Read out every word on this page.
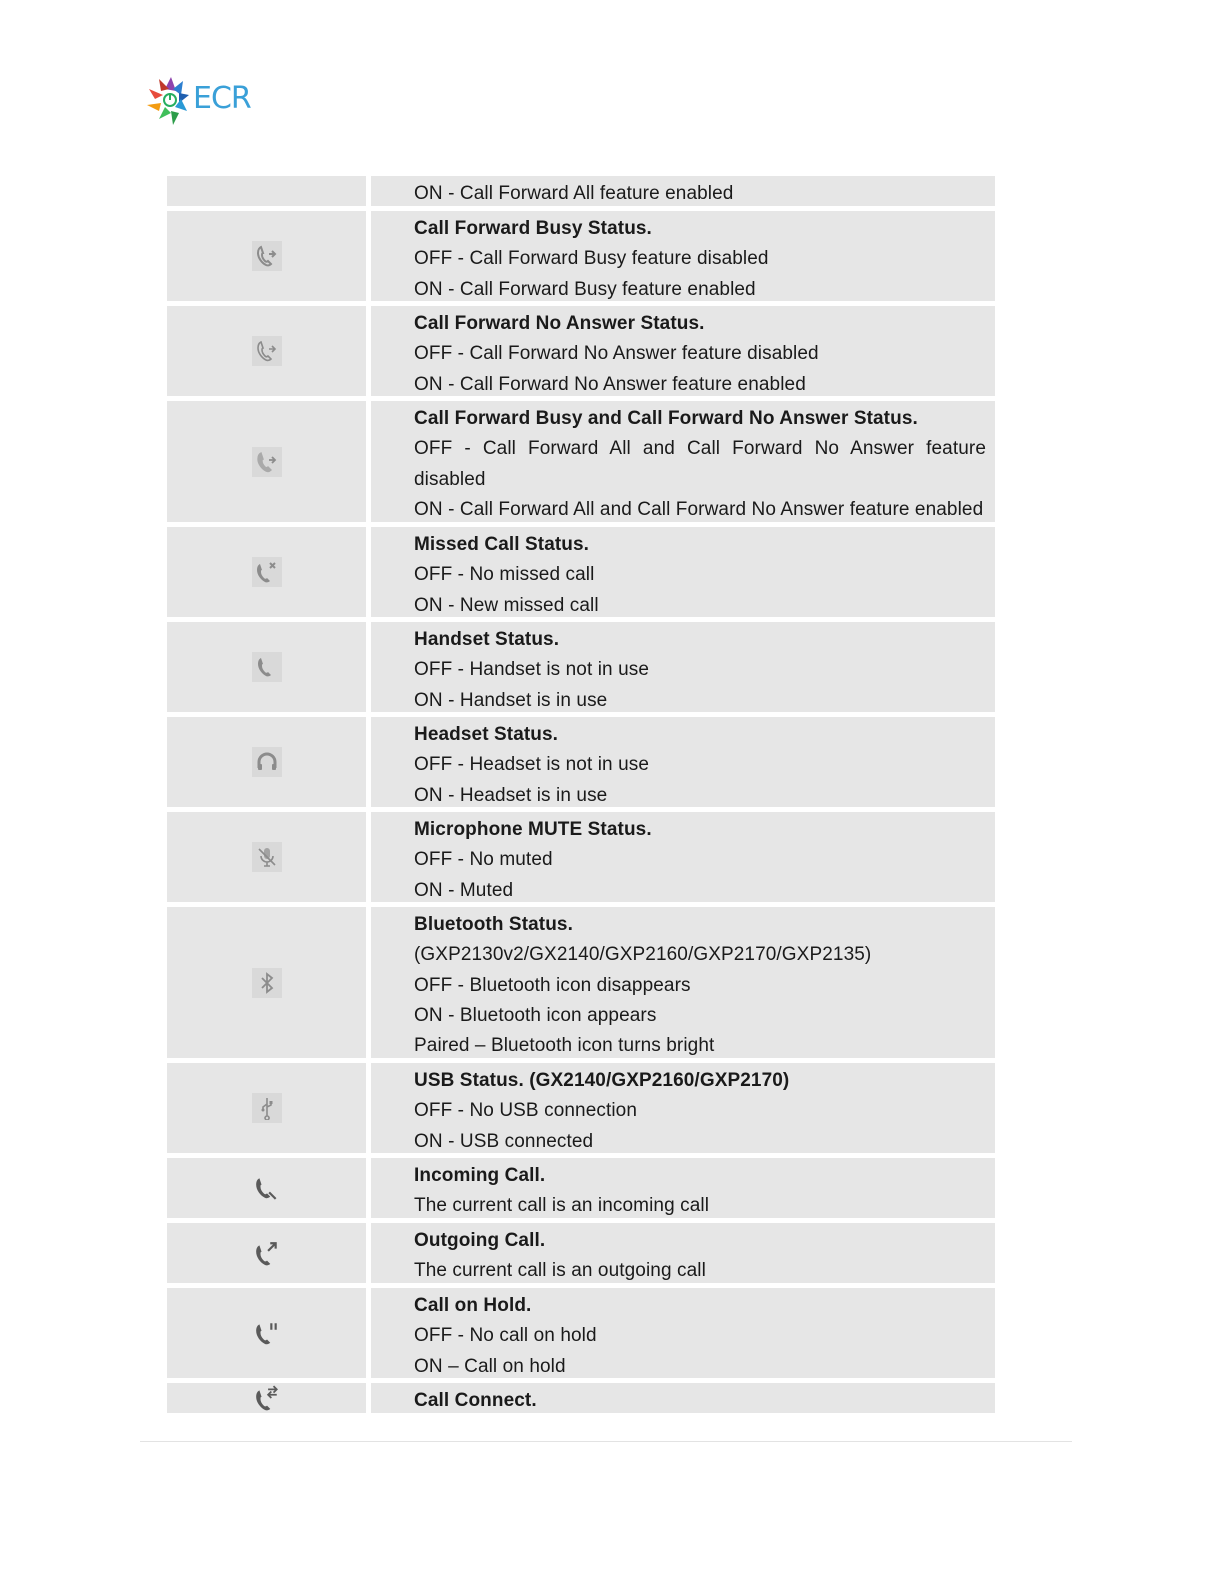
ECR
ON - Call Forward All feature enabled
Call Forward Busy Status.
OFF - Call Forward Busy feature disabled
ON - Call Forward Busy feature enabled
Call Forward No Answer Status.
OFF - Call Forward No Answer feature disabled
ON - Call Forward No Answer feature enabled
Call Forward Busy and Call Forward No Answer Status.
OFF - Call Forward All and Call Forward No Answer feature disabled
ON - Call Forward All and Call Forward No Answer feature enabled
Missed Call Status.
OFF - No missed call
ON - New missed call
Handset Status.
OFF - Handset is not in use
ON - Handset is in use
Headset Status.
OFF - Headset is not in use
ON - Headset is in use
Microphone MUTE Status.
OFF - No muted
ON - Muted
Bluetooth Status.
(GXP2130v2/GX2140/GXP2160/GXP2170/GXP2135)
OFF - Bluetooth icon disappears
ON - Bluetooth icon appears
Paired – Bluetooth icon turns bright
USB Status. (GX2140/GXP2160/GXP2170)
OFF - No USB connection
ON - USB connected
Incoming Call.
The current call is an incoming call
Outgoing Call.
The current call is an outgoing call
Call on Hold.
OFF - No call on hold
ON – Call on hold
Call Connect.
